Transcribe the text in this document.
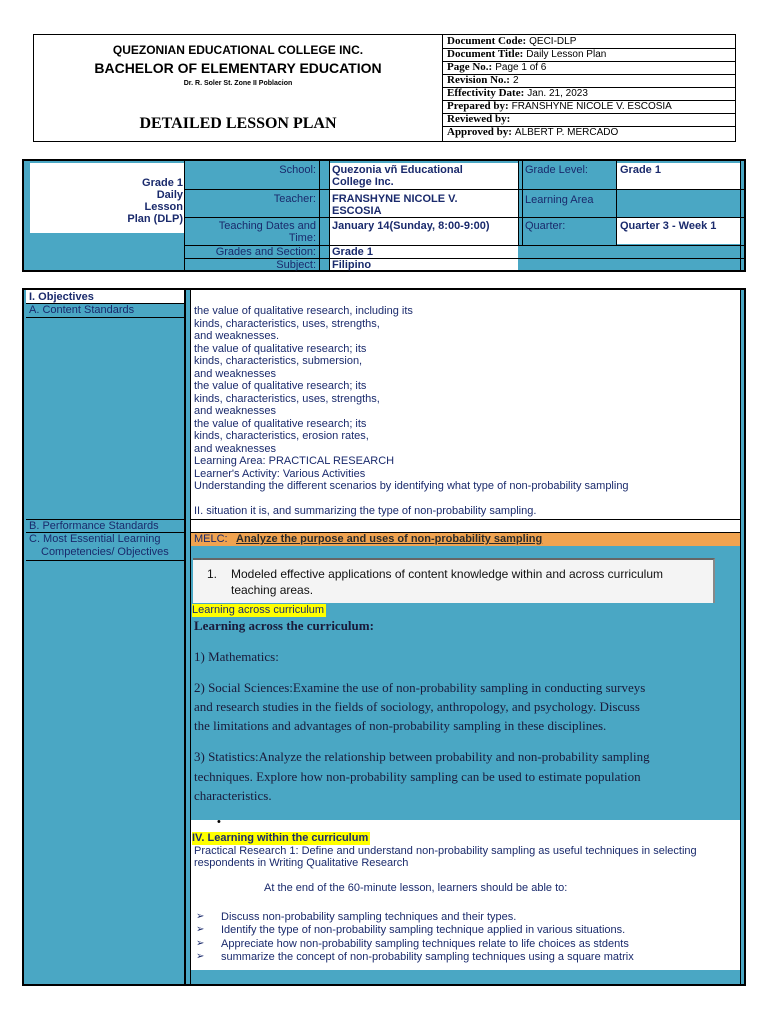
QUEZONIAN EDUCATIONAL COLLEGE INC.
BACHELOR OF ELEMENTARY EDUCATION
Dr. R. Soler St. Zone II Poblacion
DETAILED LESSON PLAN
Document Code: QECI-DLP
Document Title: Daily Lesson Plan
Page No.: Page 1 of 6
Revision No.: 2
Effectivity Date: Jan. 21, 2023
Prepared by: FRANSHYNE NICOLE V. ESCOSIA
Reviewed by:
Approved by: ALBERT P. MERCADO
Grade 1
Daily
Lesson
Plan (DLP)
School:
Teacher:
Teaching Dates and
Time:
Grades and Section:
Subject:
Quezonia vñ Educational
College Inc.
FRANSHYNE NICOLE V.
ESCOSIA
January 14(Sunday, 8:00-9:00)
Grade 1
Filipino
Grade Level:	Grade 1
Learning Area
Quarter:	Quarter 3 - Week 1
I. Objectives
A. Content Standards
B. Performance Standards
C. Most Essential Learning
Competencies/ Objectives
the value of qualitative research, including its
kinds, characteristics, uses, strengths,
and weaknesses.
the value of qualitative research; its
kinds, characteristics, submersion,
and weaknesses
the value of qualitative research; its
kinds, characteristics, uses, strengths,
and weaknesses
the value of qualitative research; its
kinds, characteristics, erosion rates,
and weaknesses
Learning Area: PRACTICAL RESEARCH
Learner's Activity: Various Activities
Understanding the different scenarios by identifying what type of non-probability sampling
II. situation it is, and summarizing the type of non-probability sampling.
MELC: Analyze the purpose and uses of non-probability sampling
1. Modeled effective applications of content knowledge within and across curriculum
teaching areas.
Learning across curriculum
Learning across the curriculum:
1) Mathematics:
2) Social Sciences:Examine the use of non-probability sampling in conducting surveys
and research studies in the fields of sociology, anthropology, and psychology. Discuss
the limitations and advantages of non-probability sampling in these disciplines.
3) Statistics:Analyze the relationship between probability and non-probability sampling
techniques. Explore how non-probability sampling can be used to estimate population
characteristics.
•
IV. Learning within the curriculum
Practical Research 1: Define and understand non-probability sampling as useful techniques in selecting
respondents in Writing Qualitative Research
At the end of the 60-minute lesson, learners should be able to:
➢ Discuss non-probability sampling techniques and their types.
➢ Identify the type of non-probability sampling technique applied in various situations.
➢ Appreciate how non-probability sampling techniques relate to life choices as stdents
➢ summarize the concept of non-probability sampling techniques using a square matrix
